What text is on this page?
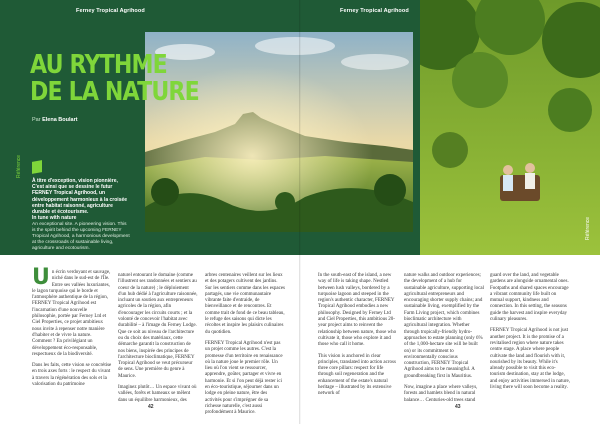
Ferney Tropical Agrihood	Ferney Tropical Agrihood
AU RYTHME
DE LA NATURE
Par Elena Boulart
À titre d'exception, vision pionnière, C'est ainsi que se dessine le futur FERNEY Tropical Agrihood, un développement harmonieux à la croisée entre habitat raisonné, agriculture durable et écotourisme.
In tune with nature
An exceptional site. A pioneering vision. This is the spirit behind the upcoming FERNEY Tropical Agrihood, a harmonious development at the crossroads of sustainable living, agriculture and ecotourism.
Référence
Référence

Un écrin verdoyant et sauvage, niché dans le sud-est de l'Île. Entre ses vallées luxuriantes, le lagon turquoise qui le borde et l'atmosphère authentique de la région, FERNEY Tropical Agrihood est l'incarnation d'une nouvelle philosophie, portée par Ferney Ltd et Ciel Properties, ce projet ambitieux nous invite à repenser notre manière d'habiter et de vivre la nature. Comment ? En privilégiant un développement éco-responsable, respectueux de la biodiversité.

Dans les faits, cette vision se concrétise en trois axes forts : le respect du vivant à travers la régénération des sols et la valorisation du patrimoine

naturel entourant le domaine (comme l'illustrent ses randonnées et sentiers au coeur de la nature) ; le déploiement d'un hub dédié à l'agriculture raisonnée, incluant un soutien aux entrepreneurs agricoles de la région, afin d'encourager les circuits courts ; et la volonté de concevoir l'habitat avec durabilité – à l'image du Ferney Lodge. Que ce soit au niveau de l'architecture ou du choix des matériaux, cette démarche garantit la construction de nos biens, inspirée des principes de l'architecture bioclimatique, FERNEY Tropical Agrihood se veut précurseur de sens. Une première du genre à Maurice.

Imaginez plutôt… Un espace vivant où vallées, forêts et hameaux se mêlent dans un équilibre harmonieux, des

arbres centenaires veillent sur les lieux et des potagers cultivent des jardins. Sur les sentiers comme dans les espaces partagés, une vie communautaire vibrante faite d'entraide, de bienveillance et de rencontres. Et comme trait de fond de ce beau tableau, le refuge des saisons qui dicte les récoltes et inspire les plaisirs culinaires du quotidien.

FERNEY Tropical Agrihood n'est pas un projet comme les autres. C'est la promesse d'un territoire en renaissance où la nature joue le premier rôle. Un lieu où l'on vient se ressourcer, apprendre, goûter, partager et vivre en harmonie. Et si l'on peut déjà rester ici en éco-touristique, séjourner dans un lodge en pleine nature, être des activités pour s'imprégner de sa richesse naturelle, c'est aussi profondément à Maurice.

In the south-east of the island, a new way of life is taking shape. Nestled between lush valleys, bordered by a turquoise lagoon and steeped in the region's authentic character, FERNEY Tropical Agrihood embodies a new philosophy. Designed by Ferney Ltd and Ciel Properties, this ambitious 20-year project aims to reinvent the relationship between nature, those who cultivate it, those who explore it and those who call it home.

This vision is anchored in clear principles, translated into action across three core pillars: respect for life through soil regeneration and the enhancement of the estate's natural heritage – illustrated by its extensive network of

nature walks and outdoor experiences; the development of a hub for sustainable agriculture, supporting local agricultural entrepreneurs and encouraging shorter supply chains; and sustainable living, exemplified by the Farm Living project, which combines bioclimatic architecture with agricultural integration. Whether through tropically-friendly hydro-approaches to estate planning (only 6% of the 1,000-hectare site will be built on) or its commitment to environmentally conscious construction, FERNEY Tropical Agrihood aims to be meaningful. A groundbreaking first in Mauritius.

Now, imagine a place where valleys, forests and hamlets blend in natural balance… Centuries-old trees stand

guard over the land, and vegetable gardens are alongside ornamental ones. Footpaths and shared spaces encourage a vibrant community life built on mutual support, kindness and connection. In this setting, the seasons guide the harvest and inspire everyday culinary pleasures.

FERNEY Tropical Agrihood is not just another project. It is the promise of a revitalised region where nature takes centre stage. A place where people cultivate the land and flourish with it, nourished by its beauty. While it's already possible to visit this eco-tourism destination, stay at the lodge, and enjoy activities immersed in nature, living there will soon become a reality.

42	43
